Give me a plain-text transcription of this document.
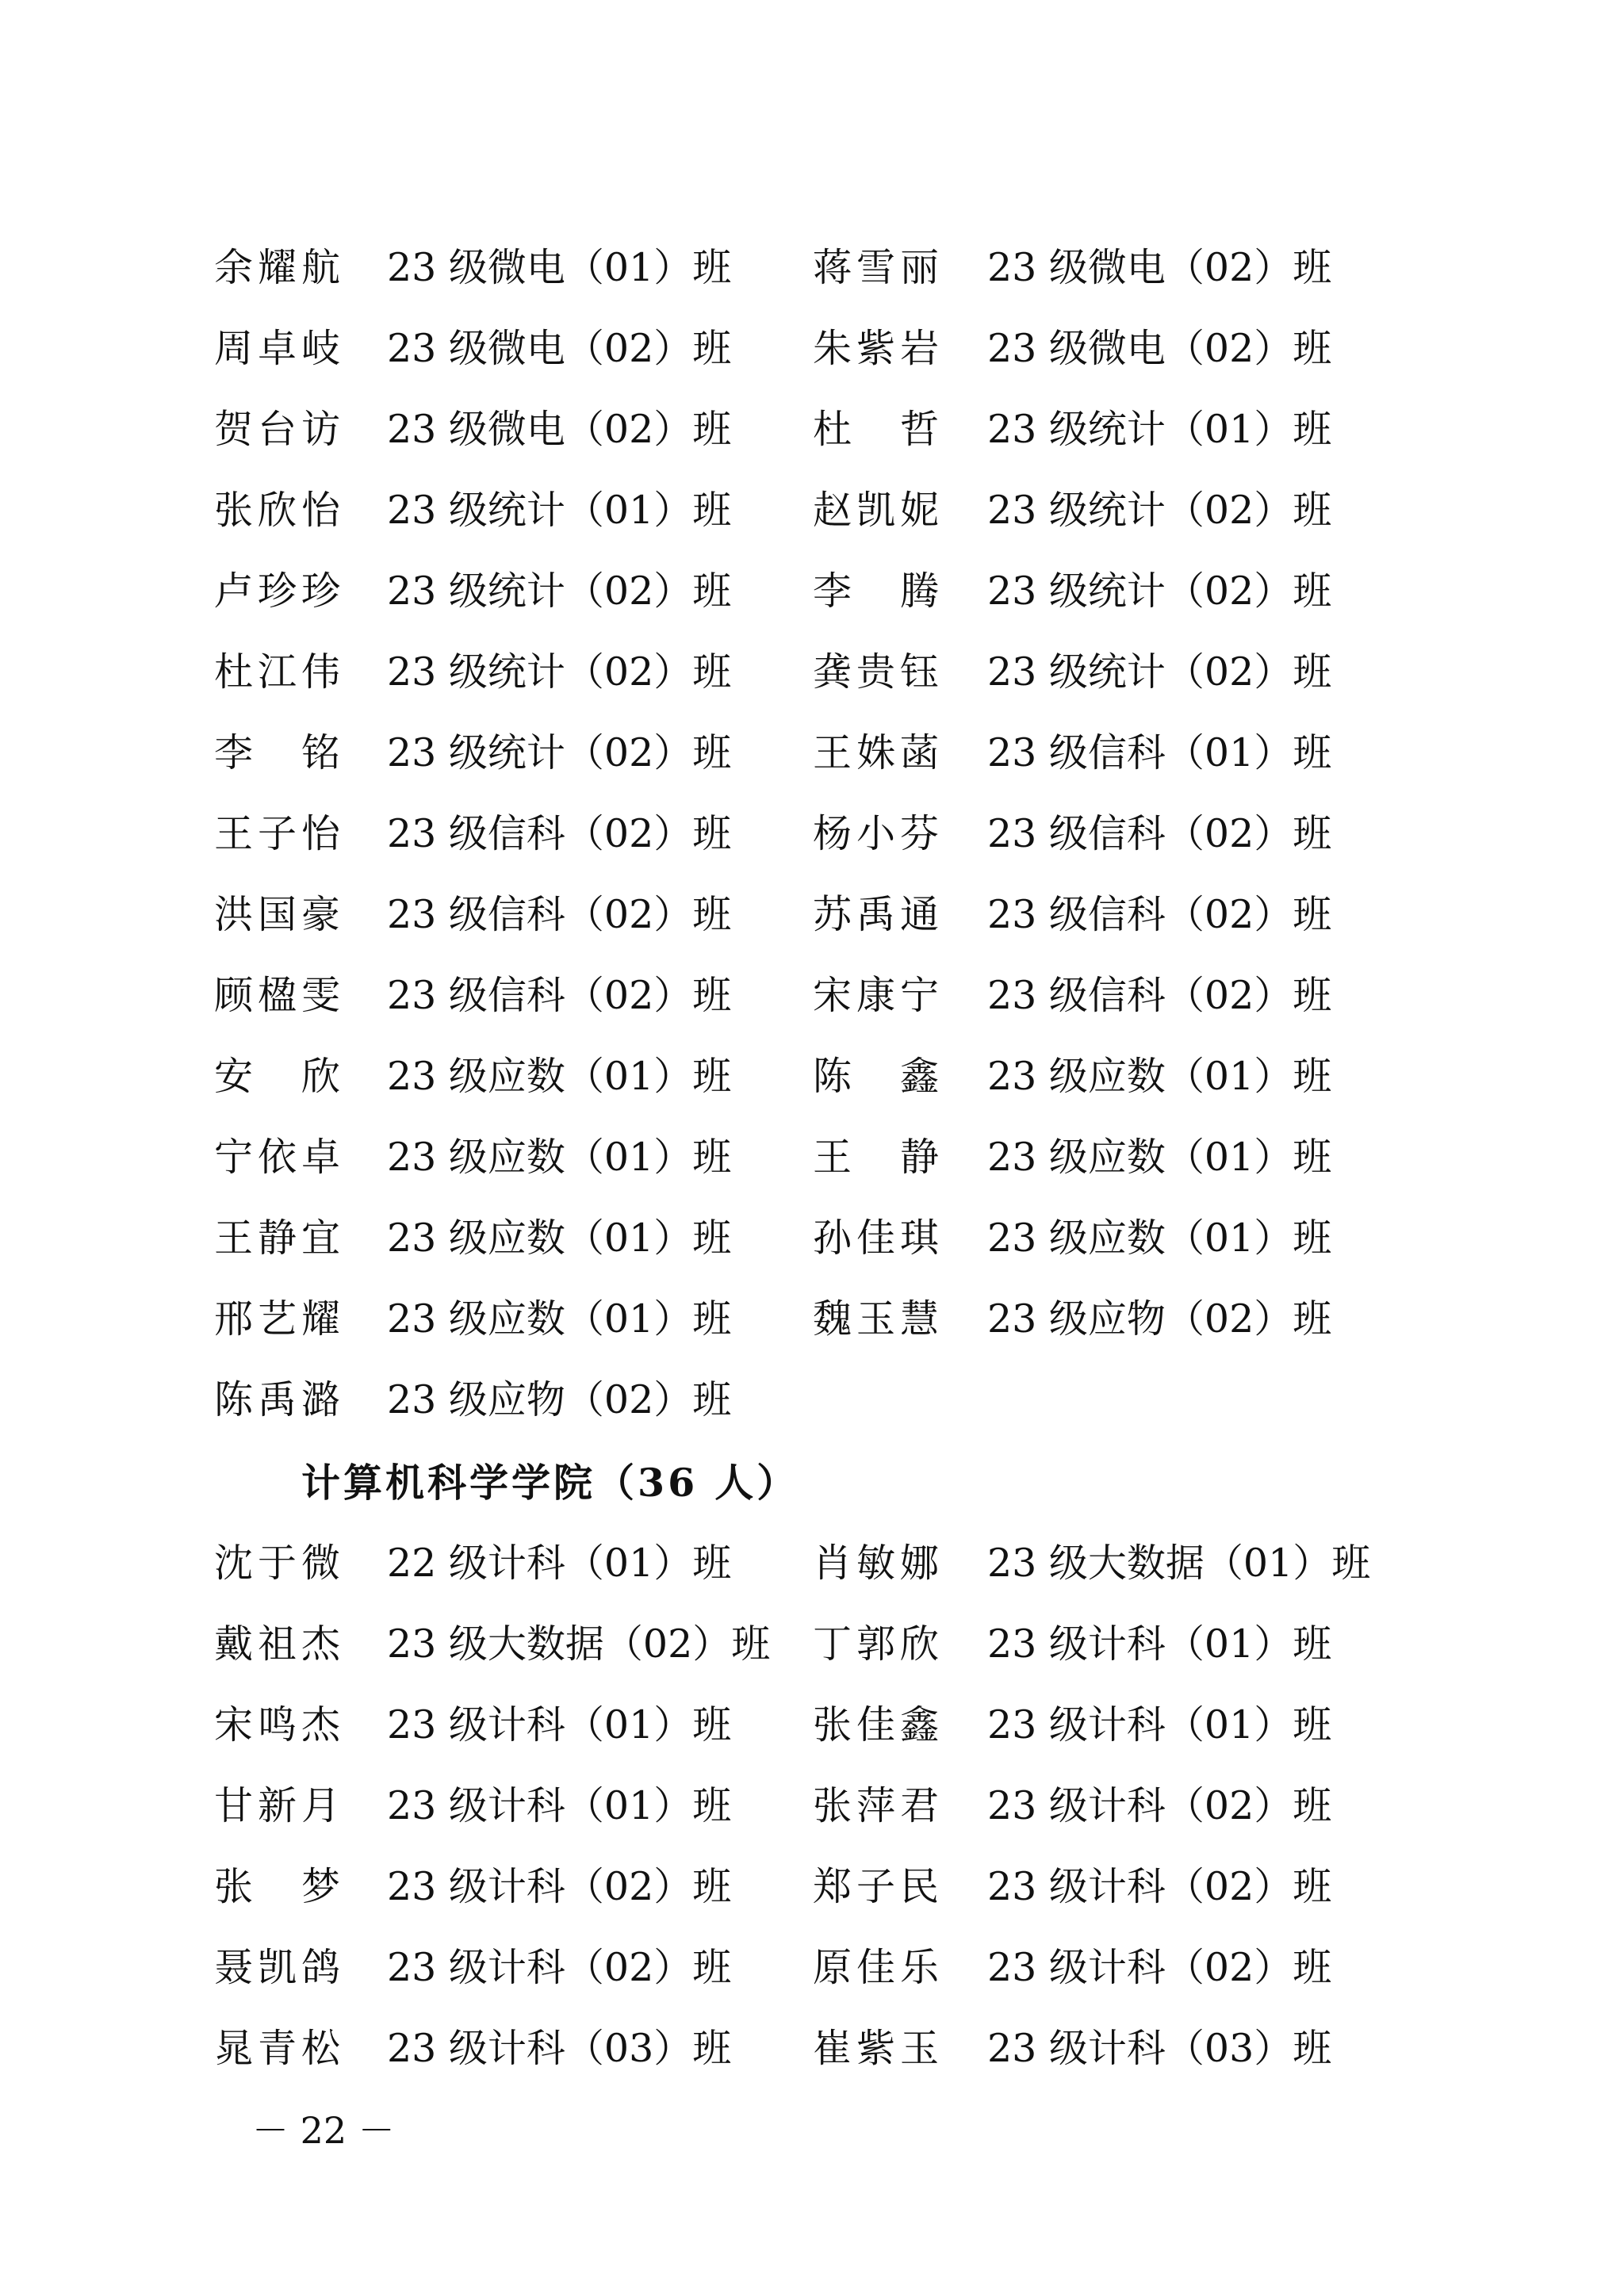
余耀航 23 级微电（01）班 蒋雪丽 23 级微电（02）班
周卓岐 23 级微电（02）班 朱紫岩 23 级微电（02）班
贺台访 23 级微电（02）班 杜　哲 23 级统计（01）班
张欣怡 23 级统计（01）班 赵凯妮 23 级统计（02）班
卢珍珍 23 级统计（02）班 李　腾 23 级统计（02）班
杜江伟 23 级统计（02）班 龚贵钰 23 级统计（02）班
李　铭 23 级统计（02）班 王姝菡 23 级信科（01）班
王子怡 23 级信科（02）班 杨小芬 23 级信科（02）班
洪国豪 23 级信科（02）班 苏禹通 23 级信科（02）班
顾楹雯 23 级信科（02）班 宋康宁 23 级信科（02）班
安　欣 23 级应数（01）班 陈　鑫 23 级应数（01）班
宁依卓 23 级应数（01）班 王　静 23 级应数（01）班
王静宜 23 级应数（01）班 孙佳琪 23 级应数（01）班
邢艺耀 23 级应数（01）班 魏玉慧 23 级应物（02）班
陈禹潞 23 级应物（02）班
计算机科学学院（36 人）
沈于微 22 级计科（01）班 肖敏娜 23 级大数据（01）班
戴祖杰 23 级大数据（02）班 丁郭欣 23 级计科（01）班
宋鸣杰 23 级计科（01）班 张佳鑫 23 级计科（01）班
甘新月 23 级计科（01）班 张萍君 23 级计科（02）班
张　梦 23 级计科（02）班 郑子民 23 级计科（02）班
聂凯鸽 23 级计科（02）班 原佳乐 23 级计科（02）班
晁青松 23 级计科（03）班 崔紫玉 23 级计科（03）班
－ 22 －
